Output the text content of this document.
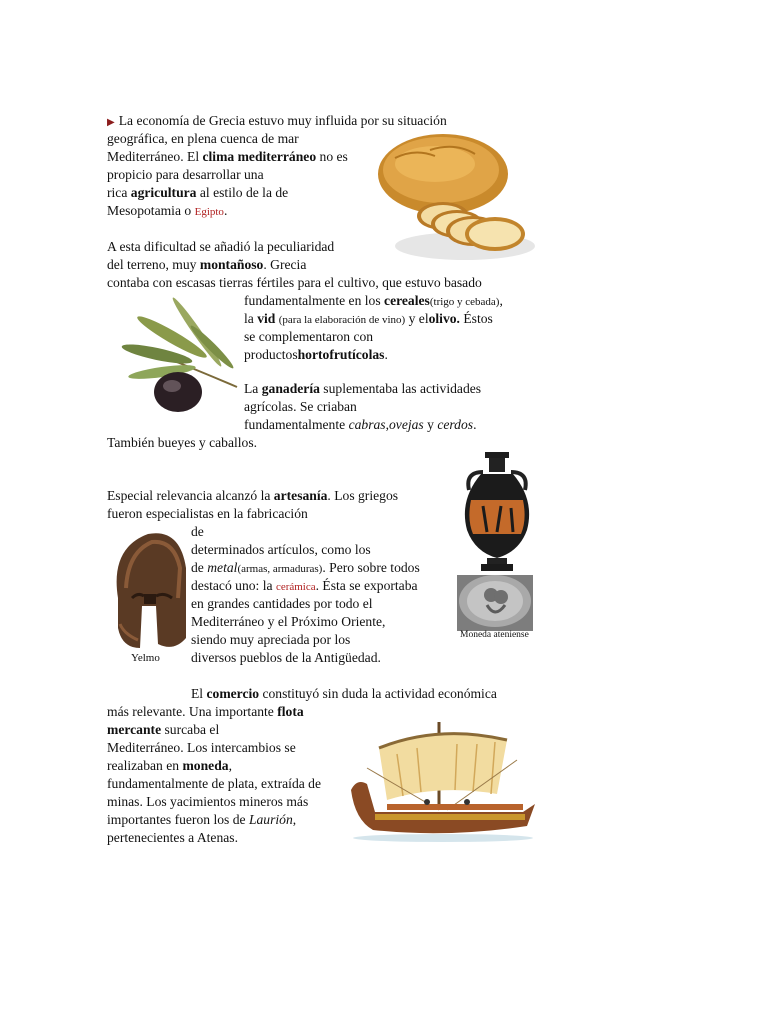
▶ La economía de Grecia estuvo muy influida por su situación
geográfica, en plena cuenca de mar
Mediterráneo. El clima mediterráneo no es
propicio para desarrollar una
rica agricultura al estilo de la de
Mesopotamia o Egipto.
A esta dificultad se añadió la peculiaridad
del terreno, muy montañoso. Grecia
contaba con escasas tierras fértiles para el cultivo, que estuvo basado
fundamentalmente en los cereales(trigo y cebada),
la vid (para la elaboración de vino) y elolivo. Éstos
se complementaron con
productoshortofrutícolas.
La ganadería suplementaba las actividades
agrícolas. Se criaban
fundamentalmente cabras,ovejas y cerdos.
También bueyes y caballos.
Especial relevancia alcanzó la artesanía. Los griegos
fueron especialistas en la fabricación
de
determinados artículos, como los
de metal(armas, armaduras). Pero sobre todos
destacó uno: la cerámica. Ésta se exportaba
en grandes cantidades por todo el
Mediterráneo y el Próximo Oriente,
siendo muy apreciada por los
diversos pueblos de la Antigüedad.
El comercio constituyó sin duda la actividad económica
más relevante. Una importante flota
mercante surcaba el
Mediterráneo. Los intercambios se
realizaban en moneda,
fundamentalmente de plata, extraída de
minas. Los yacimientos mineros más
importantes fueron los de Laurión,
pertenecientes a Atenas.
Moneda ateniense
Yelmo
